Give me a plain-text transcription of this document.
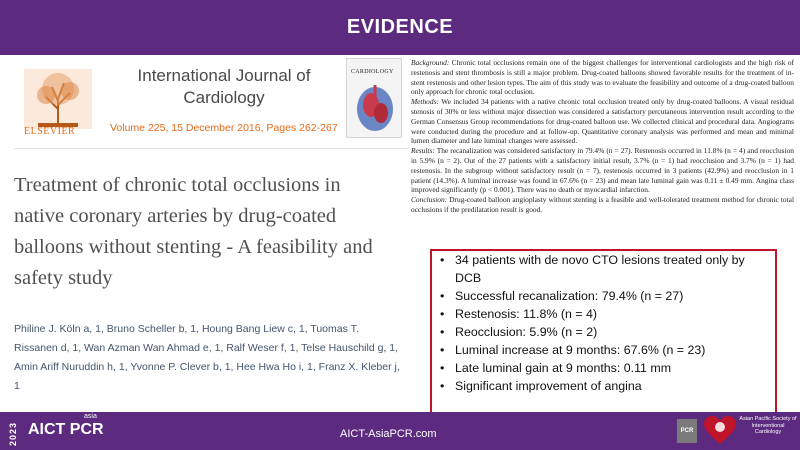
EVIDENCE
ELSEVIER
International Journal of Cardiology
Volume 225, 15 December 2016, Pages 262-267
CARDIOLOGY
Treatment of chronic total occlusions in native coronary arteries by drug-coated balloons without stenting - A feasibility and safety study
Philine J. Köln a, 1, Bruno Scheller b, 1, Houng Bang Liew c, 1, Tuomas T. Rissanen d, 1, Wan Azman Wan Ahmad e, 1, Ralf Weser f, 1, Telse Hauschild g, 1, Amin Ariff Nuruddin h, 1, Yvonne P. Clever b, 1, Hee Hwa Ho i, 1, Franz X. Kleber j, 1

Background: Chronic total occlusions remain one of the biggest challenges for interventional cardiologists and the high risk of restenosis and stent thrombosis is still a major problem. Drug-coated balloons showed favorable results for the treatment of in-stent restenosis and other lesion types. The aim of this study was to evaluate the feasibility and outcome of a drug-coated balloon only approach for chronic total occlusion.

Methods: We included 34 patients with a native chronic total occlusion treated only by drug-coated balloons. A visual residual stenosis of 30% or less without major dissection was considered a satisfactory percutaneous intervention result according to the German Consensus Group recommendations for drug-coated balloon use. We collected clinical and procedural data. Angiograms were conducted during the procedure and at follow-up. Quantitative coronary analysis was performed and mean and minimal lumen diameter and late luminal changes were assessed.

Results: The recanalization was considered satisfactory in 79.4% (n = 27). Restenosis occurred in 11.8% (n = 4) and reocclusion in 5.9% (n = 2). Out of the 27 patients with a satisfactory initial result, 3.7% (n = 1) had reocclusion and 3.7% (n = 1) had restenosis. In the subgroup without satisfactory result (n = 7), restenosis occurred in 3 patients (42.9%) and reocclusion in 1 patient (14.3%). A luminal increase was found in 67.6% (n = 23) and mean late luminal gain was 0.11 ± 0.49 mm. Angina class improved significantly (p < 0.001). There was no death or myocardial infarction.

Conclusion: Drug-coated balloon angioplasty without stenting is a feasible and well-tolerated treatment method for chronic total occlusions if the predilatation result is good.

• 34 patients with de novo CTO lesions treated only by DCB
• Successful recanalization: 79.4% (n = 27)
• Restenosis: 11.8% (n = 4)
• Reocclusion: 5.9% (n = 2)
• Luminal increase at 9 months: 67.6% (n = 23)
• Late luminal gain at 9 months: 0.11 mm
• Significant improvement of angina
2023 AICT PCR
asia
AICT-AsiaPCR.com	PCR
Asian Pacific Society of Interventional Cardiology
